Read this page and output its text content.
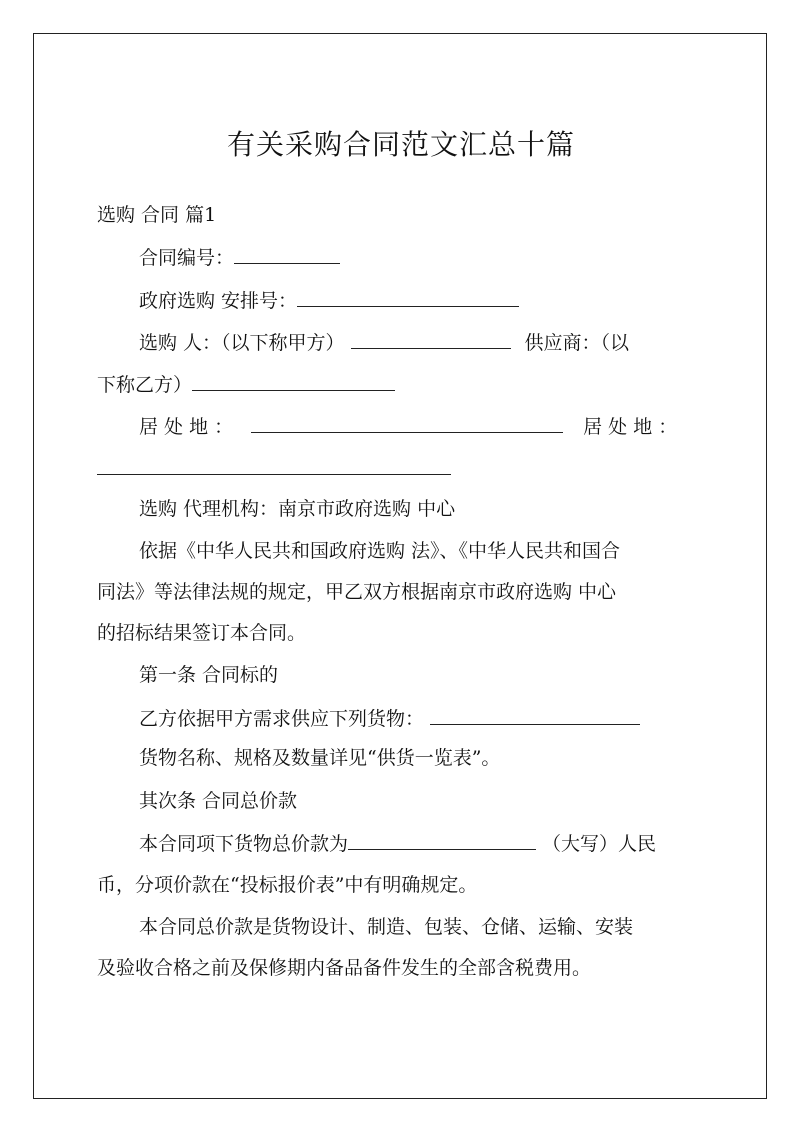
有关采购合同范文汇总十篇
选购 合同 篇1
合同编号：
政府选购 安排号：
选购 人：（以下称甲方）	供应商：（以
下称乙方）
居 处 地 ：	居 处 地 ：
选购 代理机构：南京市政府选购 中心
依据《中华人民共和国政府选购 法》、《中华人民共和国合
同法》等法律法规的规定，甲乙双方根据南京市政府选购 中心
的招标结果签订本合同。
第一条 合同标的
乙方依据甲方需求供应下列货物：
货物名称、规格及数量详见“供货一览表”。
其次条 合同总价款
本合同项下货物总价款为	（大写）人民
币，分项价款在“投标报价表”中有明确规定。
本合同总价款是货物设计、制造、包装、仓储、运输、安装
及验收合格之前及保修期内备品备件发生的全部含税费用。
